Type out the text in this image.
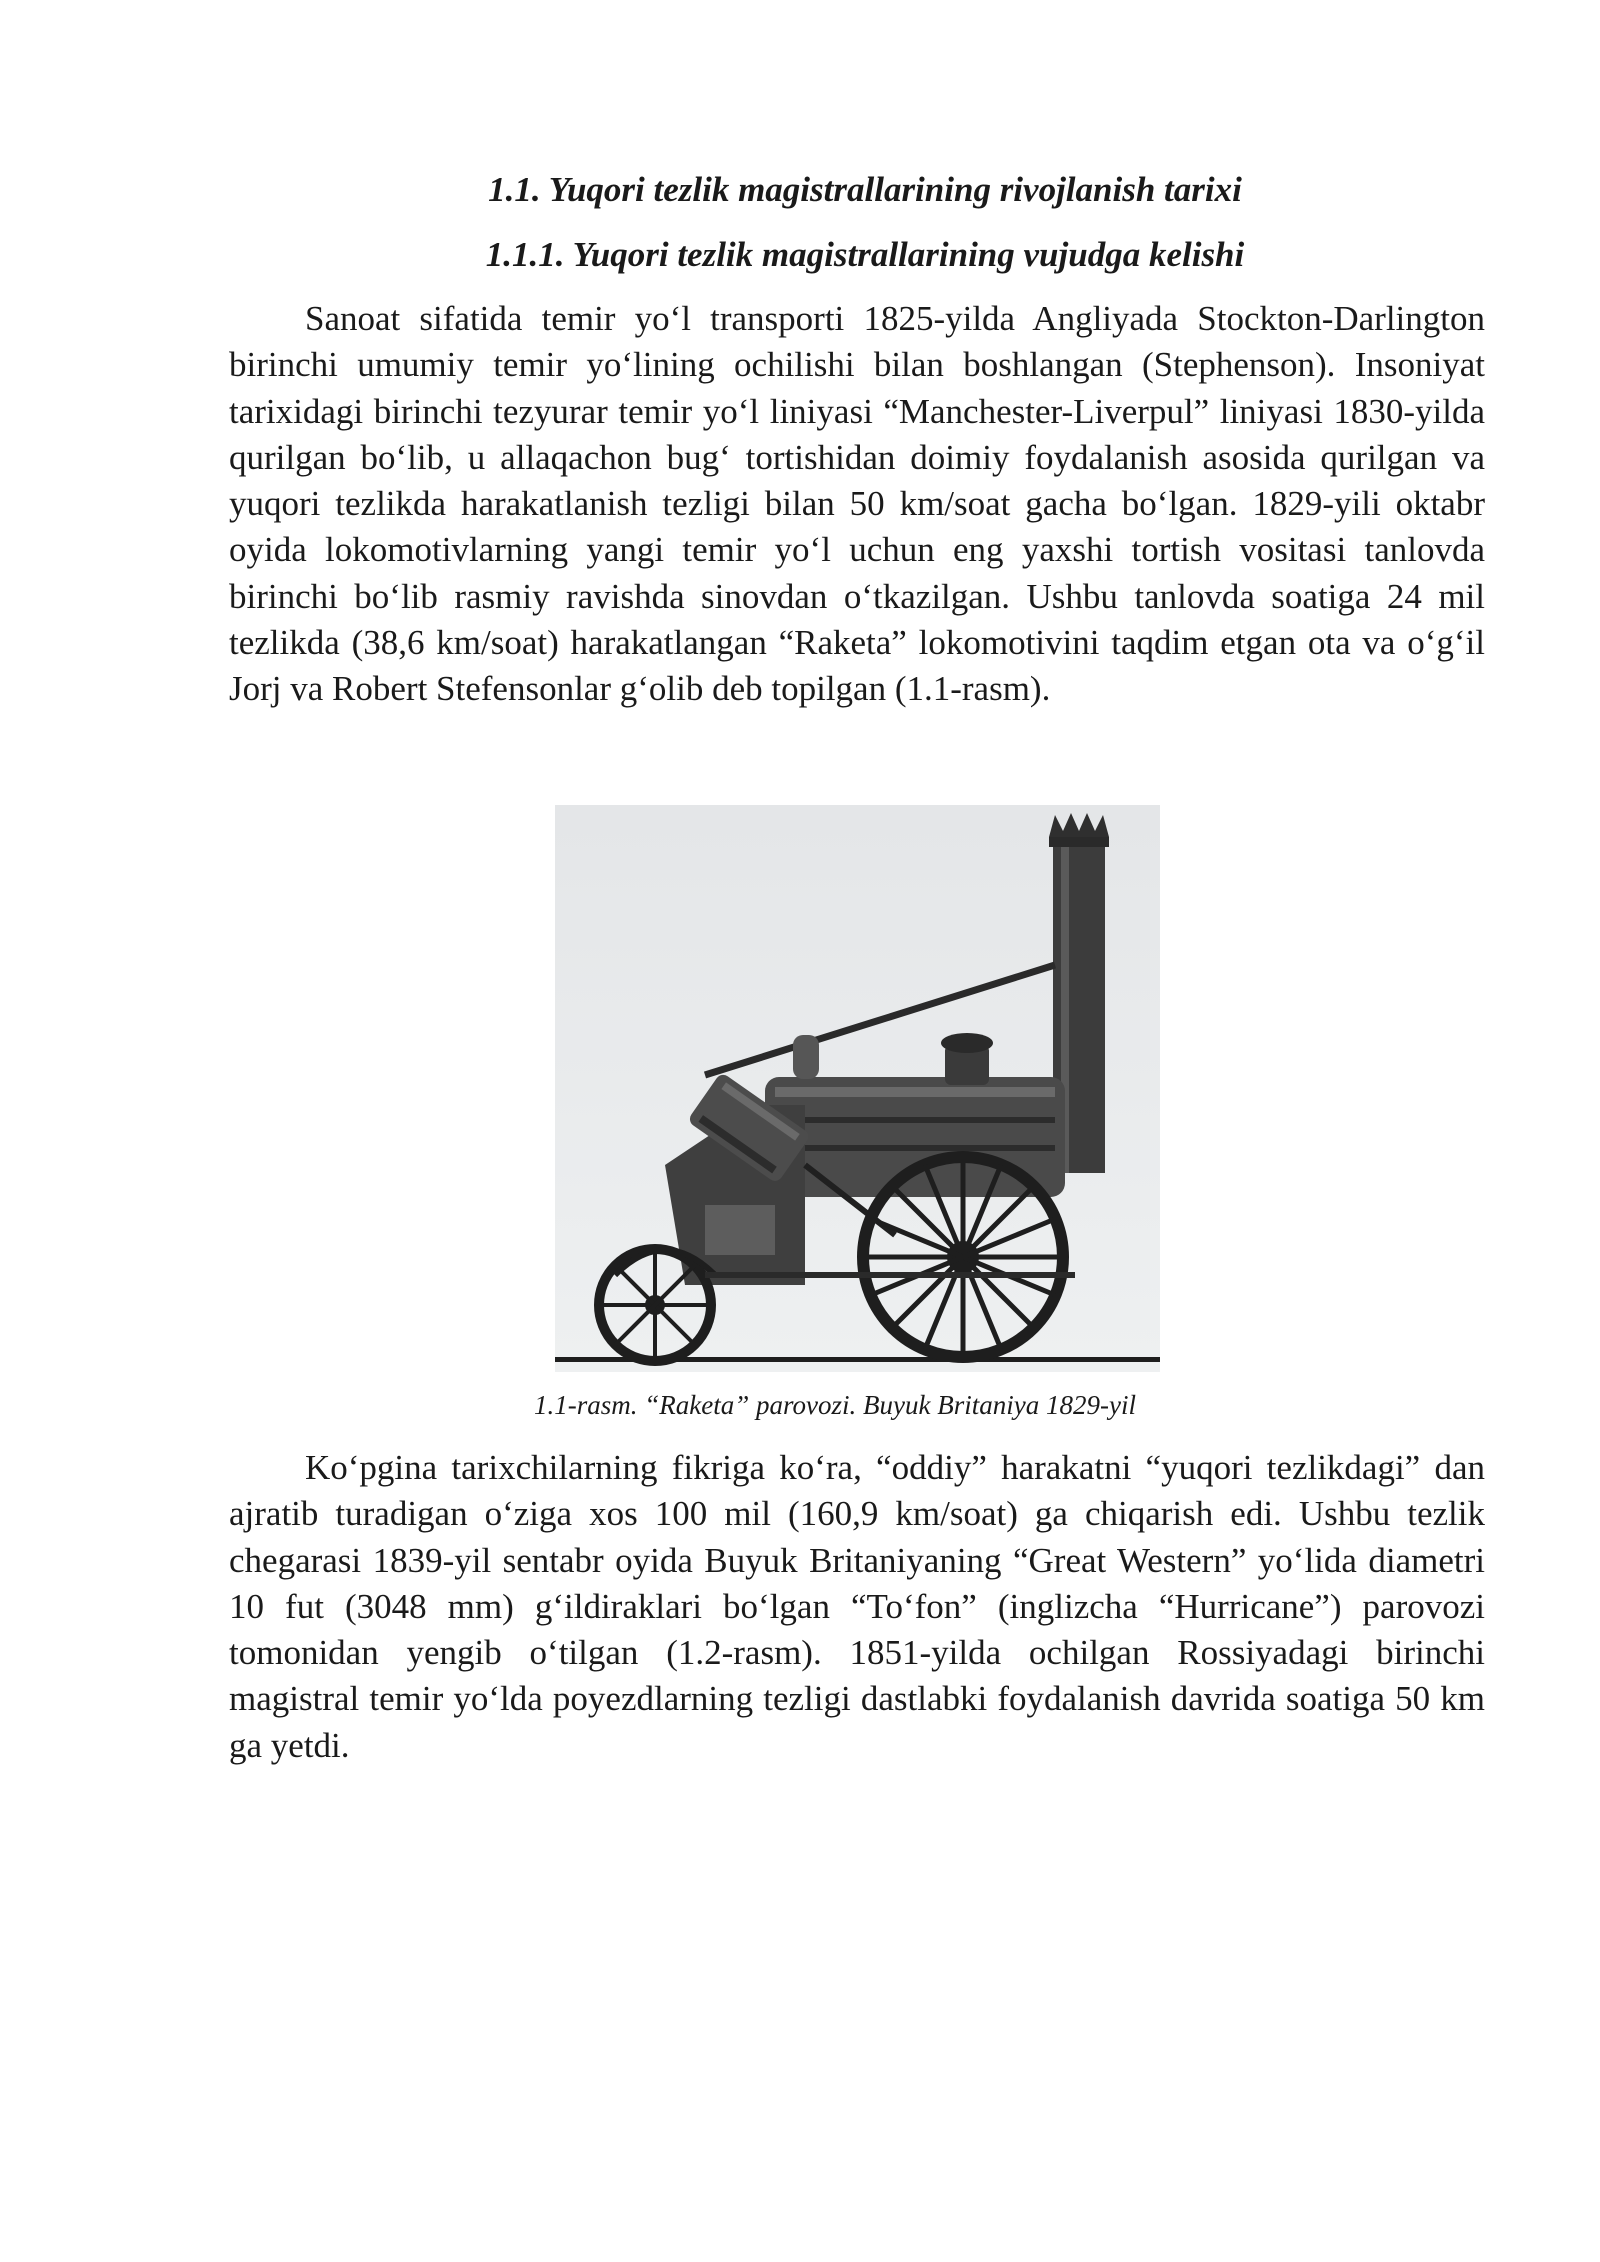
1.1. Yuqori tezlik magistrallarining rivojlanish tarixi
1.1.1. Yuqori tezlik magistrallarining vujudga kelishi

Sanoat sifatida temir yo‘l transporti 1825-yilda Angliyada Stockton-Darlington birinchi umumiy temir yo‘lining ochilishi bilan boshlangan (Stephenson). Insoniyat tarixidagi birinchi tezyurar temir yo‘l liniyasi “Manchester-Liverpul” liniyasi 1830-yilda qurilgan bo‘lib, u allaqachon bug‘ tortishidan doimiy foydalanish asosida qurilgan va yuqori tezlikda harakatlanish tezligi bilan 50 km/soat gacha bo‘lgan. 1829-yili oktabr oyida lokomotivlarning yangi temir yo‘l uchun eng yaxshi tortish vositasi tanlovda birinchi bo‘lib rasmiy ravishda sinovdan o‘tkazilgan. Ushbu tanlovda soatiga 24 mil tezlikda (38,6 km/soat) harakatlangan “Raketa” lokomotivini taqdim etgan ota va o‘g‘il Jorj va Robert Stefensonlar g‘olib deb topilgan (1.1-rasm).

1.1-rasm. “Raketa” parovozi. Buyuk Britaniya 1829-yil

Ko‘pgina tarixchilarning fikriga ko‘ra, “oddiy” harakatni “yuqori tezlikdagi” dan ajratib turadigan o‘ziga xos 100 mil (160,9 km/soat) ga chiqarish edi. Ushbu tezlik chegarasi 1839-yil sentabr oyida Buyuk Britaniyaning “Great Western” yo‘lida diametri 10 fut (3048 mm) g‘ildiraklari bo‘lgan “To‘fon” (inglizcha “Hurricane”) parovozi tomonidan yengib o‘tilgan (1.2-rasm). 1851-yilda ochilgan Rossiyadagi birinchi magistral temir yo‘lda poyezdlarning tezligi dastlabki foydalanish davrida soatiga 50 km ga yetdi.
